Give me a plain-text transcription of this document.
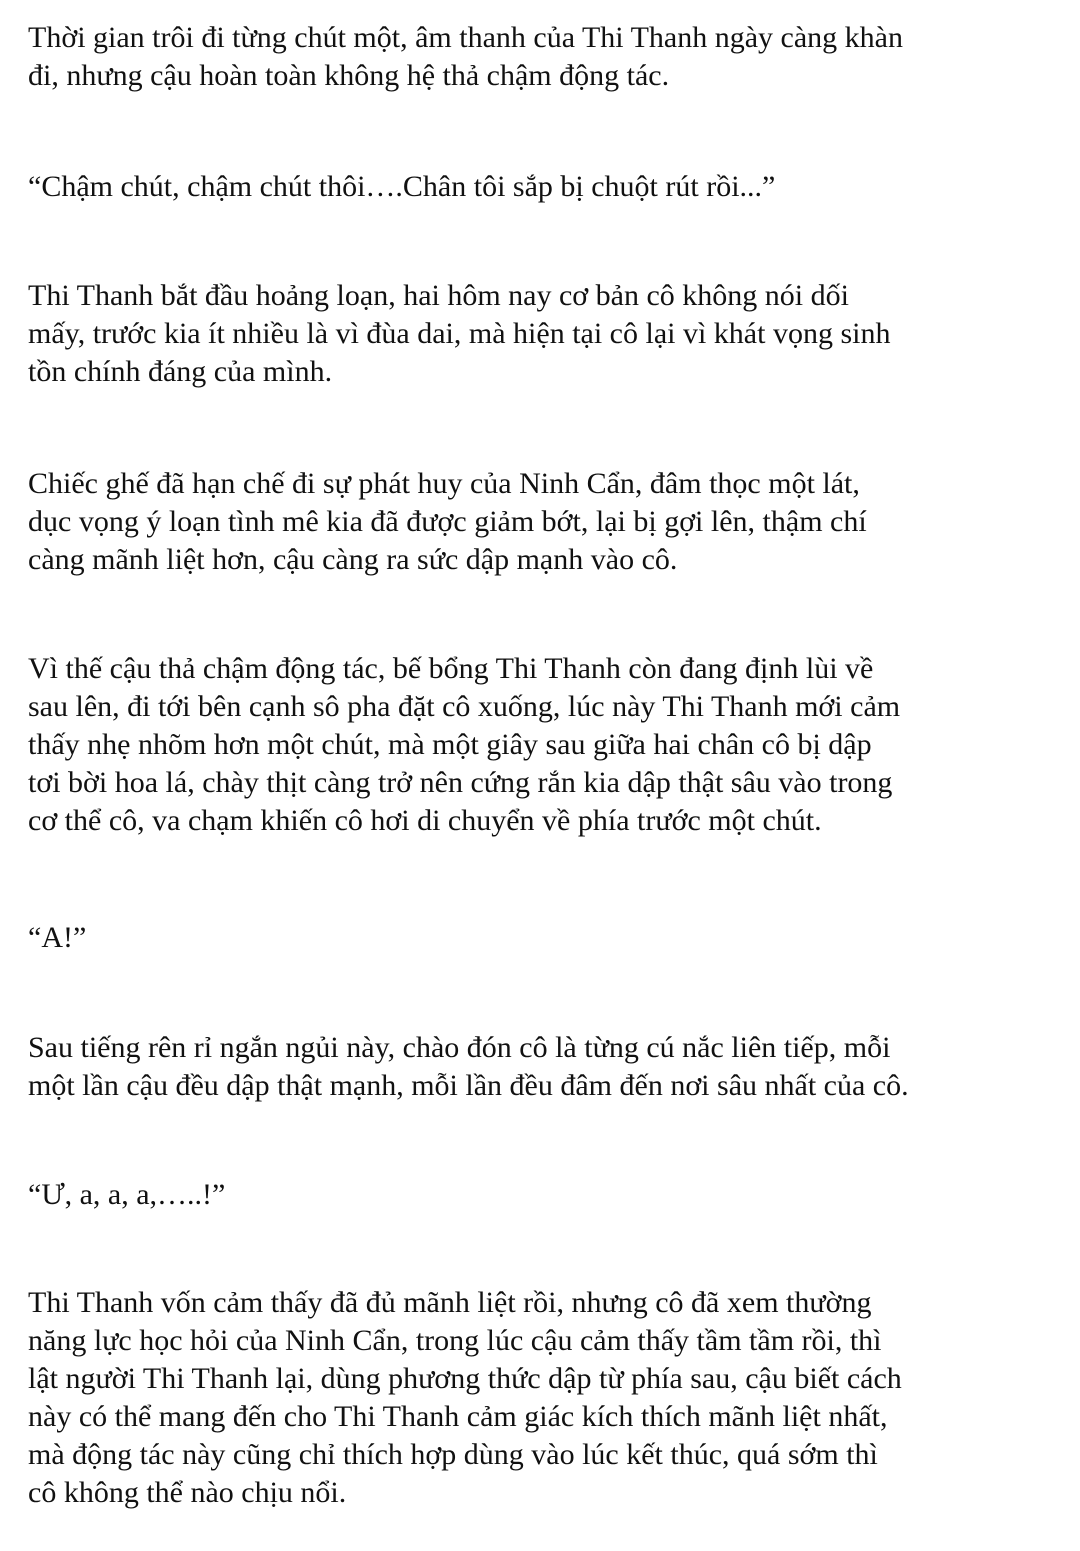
Thời gian trôi đi từng chút một, âm thanh của Thi Thanh ngày càng khàn
đi, nhưng cậu hoàn toàn không hệ thả chậm động tác.

“Chậm chút, chậm chút thôi….Chân tôi sắp bị chuột rút rồi...”

Thi Thanh bắt đầu hoảng loạn, hai hôm nay cơ bản cô không nói dối
mấy, trước kia ít nhiều là vì đùa dai, mà hiện tại cô lại vì khát vọng sinh
tồn chính đáng của mình.

Chiếc ghế đã hạn chế đi sự phát huy của Ninh Cẩn, đâm thọc một lát,
dục vọng ý loạn tình mê kia đã được giảm bớt, lại bị gợi lên, thậm chí
càng mãnh liệt hơn, cậu càng ra sức dập mạnh vào cô.

Vì thế cậu thả chậm động tác, bế bổng Thi Thanh còn đang định lùi về
sau lên, đi tới bên cạnh sô pha đặt cô xuống, lúc này Thi Thanh mới cảm
thấy nhẹ nhõm hơn một chút, mà một giây sau giữa hai chân cô bị dập
tơi bời hoa lá, chày thịt càng trở nên cứng rắn kia dập thật sâu vào trong
cơ thể cô, va chạm khiến cô hơi di chuyển về phía trước một chút.

“A!”

Sau tiếng rên rỉ ngắn ngủi này, chào đón cô là từng cú nắc liên tiếp, mỗi
một lần cậu đều dập thật mạnh, mỗi lần đều đâm đến nơi sâu nhất của cô.

“Ư, a, a, a,…..!”

Thi Thanh vốn cảm thấy đã đủ mãnh liệt rồi, nhưng cô đã xem thường
năng lực học hỏi của Ninh Cẩn, trong lúc cậu cảm thấy tầm tầm rồi, thì
lật người Thi Thanh lại, dùng phương thức dập từ phía sau, cậu biết cách
này có thể mang đến cho Thi Thanh cảm giác kích thích mãnh liệt nhất,
mà động tác này cũng chỉ thích hợp dùng vào lúc kết thúc, quá sớm thì
cô không thể nào chịu nổi.
